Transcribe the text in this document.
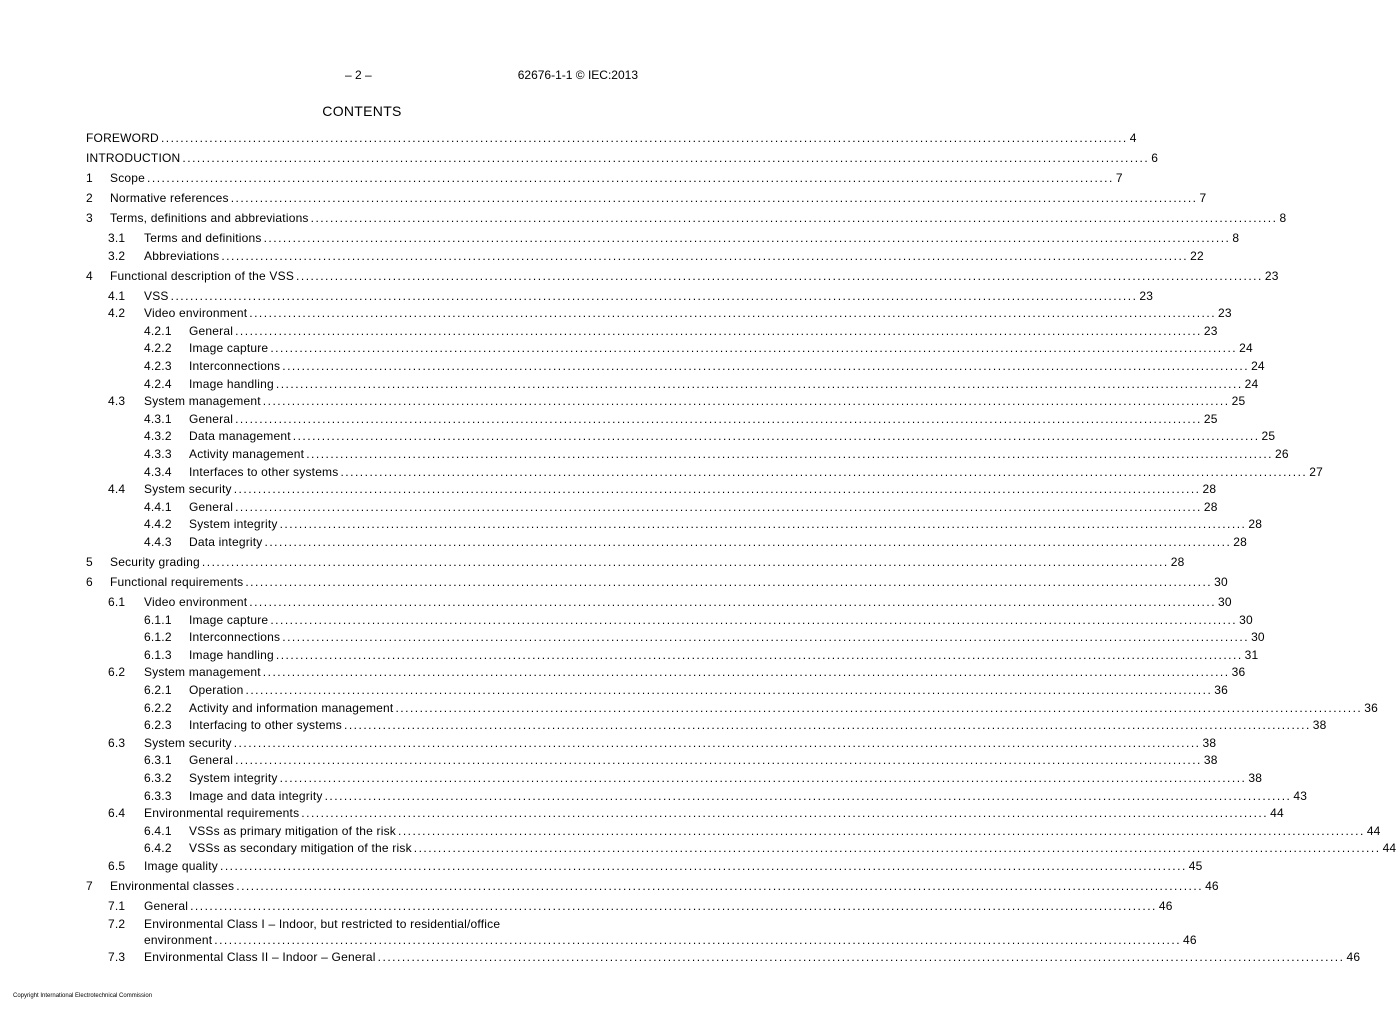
– 2 –	62676-1-1 © IEC:2013
CONTENTS
FOREWORD ........................................................................................................................................................................................................ 4
INTRODUCTION ........................................................................................................................................................................................................ 6
1 Scope ........................................................................................................................................................................................................ 7
2 Normative references ........................................................................................................................................................................................................ 7
3 Terms, definitions and abbreviations ........................................................................................................................................................................................................ 8
3.1 Terms and definitions ........................................................................................................................................................................................................ 8
3.2 Abbreviations ........................................................................................................................................................................................................ 22
4 Functional description of the VSS ........................................................................................................................................................................................................ 23
4.1 VSS ........................................................................................................................................................................................................ 23
4.2 Video environment ........................................................................................................................................................................................................ 23
4.2.1 General ........................................................................................................................................................................................................ 23
4.2.2 Image capture ........................................................................................................................................................................................................ 24
4.2.3 Interconnections ........................................................................................................................................................................................................ 24
4.2.4 Image handling ........................................................................................................................................................................................................ 24
4.3 System management ........................................................................................................................................................................................................ 25
4.3.1 General ........................................................................................................................................................................................................ 25
4.3.2 Data management ........................................................................................................................................................................................................ 25
4.3.3 Activity management ........................................................................................................................................................................................................ 26
4.3.4 Interfaces to other systems ........................................................................................................................................................................................................ 27
4.4 System security ........................................................................................................................................................................................................ 28
4.4.1 General ........................................................................................................................................................................................................ 28
4.4.2 System integrity ........................................................................................................................................................................................................ 28
4.4.3 Data integrity ........................................................................................................................................................................................................ 28
5 Security grading ........................................................................................................................................................................................................ 28
6 Functional requirements ........................................................................................................................................................................................................ 30
6.1 Video environment ........................................................................................................................................................................................................ 30
6.1.1 Image capture ........................................................................................................................................................................................................ 30
6.1.2 Interconnections ........................................................................................................................................................................................................ 30
6.1.3 Image handling ........................................................................................................................................................................................................ 31
6.2 System management ........................................................................................................................................................................................................ 36
6.2.1 Operation ........................................................................................................................................................................................................ 36
6.2.2 Activity and information management ........................................................................................................................................................................................................ 36
6.2.3 Interfacing to other systems ........................................................................................................................................................................................................ 38
6.3 System security ........................................................................................................................................................................................................ 38
6.3.1 General ........................................................................................................................................................................................................ 38
6.3.2 System integrity ........................................................................................................................................................................................................ 38
6.3.3 Image and data integrity ........................................................................................................................................................................................................ 43
6.4 Environmental requirements ........................................................................................................................................................................................................ 44
6.4.1 VSSs as primary mitigation of the risk ........................................................................................................................................................................................................ 44
6.4.2 VSSs as secondary mitigation of the risk ........................................................................................................................................................................................................ 44
6.5 Image quality ........................................................................................................................................................................................................ 45
7 Environmental classes ........................................................................................................................................................................................................ 46
7.1 General ........................................................................................................................................................................................................ 46
7.2 Environmental Class I – Indoor, but restricted to residential/office
environment ........................................................................................................................................................................................................ 46
7.3 Environmental Class II – Indoor – General ........................................................................................................................................................................................................ 46
Copyright International Electrotechnical Commission
